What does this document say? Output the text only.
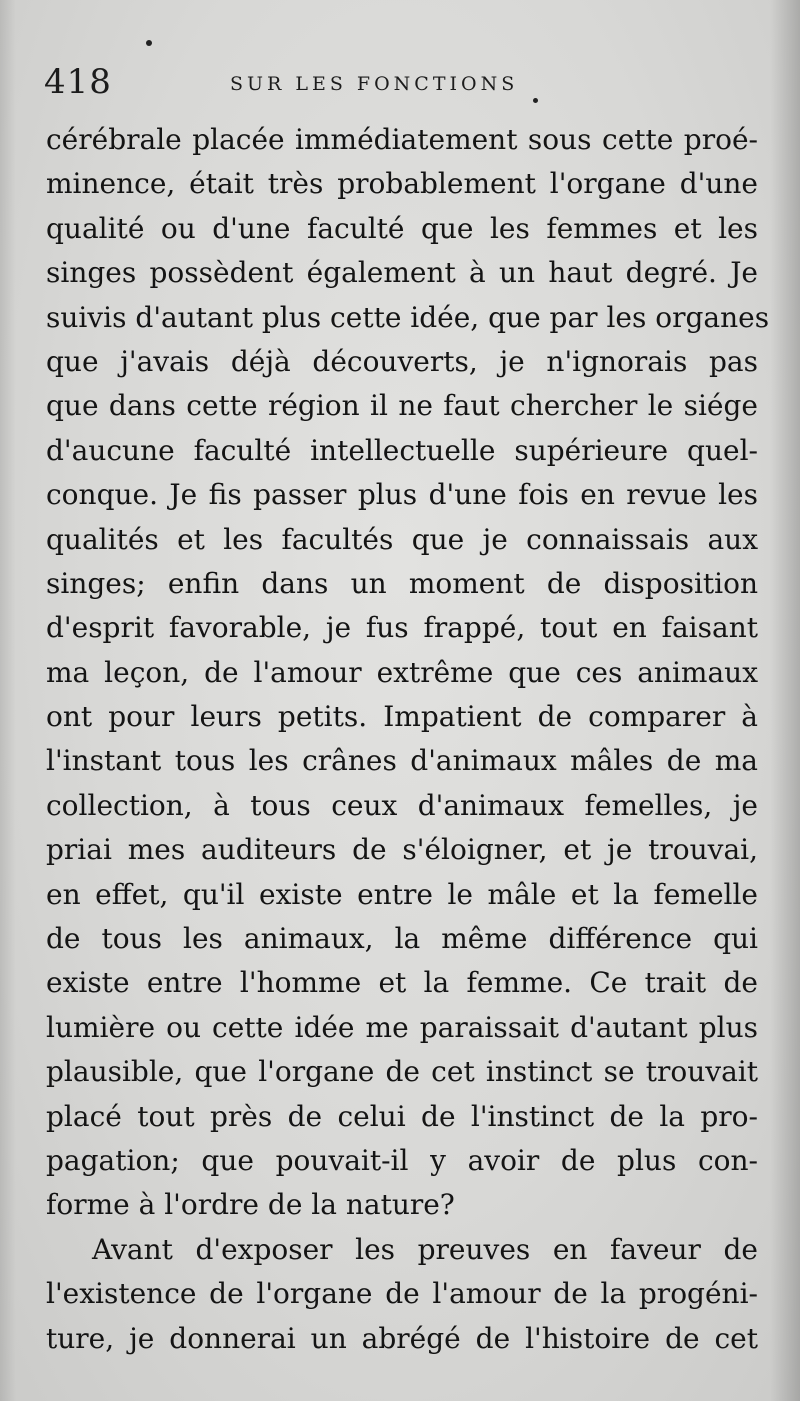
418	SUR LES FONCTIONS
cérébrale placée immédiatement sous cette proé-
minence, était très probablement l'organe d'une
qualité ou d'une faculté que les femmes et les
singes possèdent également à un haut degré. Je
suivis d'autant plus cette idée, que par les organes
que j'avais déjà découverts, je n'ignorais pas
que dans cette région il ne faut chercher le siége
d'aucune faculté intellectuelle supérieure quel-
conque. Je fis passer plus d'une fois en revue les
qualités et les facultés que je connaissais aux
singes; enfin dans un moment de disposition
d'esprit favorable, je fus frappé, tout en faisant
ma leçon, de l'amour extrême que ces animaux
ont pour leurs petits. Impatient de comparer à
l'instant tous les crânes d'animaux mâles de ma
collection, à tous ceux d'animaux femelles, je
priai mes auditeurs de s'éloigner, et je trouvai,
en effet, qu'il existe entre le mâle et la femelle
de tous les animaux, la même différence qui
existe entre l'homme et la femme. Ce trait de
lumière ou cette idée me paraissait d'autant plus
plausible, que l'organe de cet instinct se trouvait
placé tout près de celui de l'instinct de la pro-
pagation; que pouvait-il y avoir de plus con-
forme à l'ordre de la nature?
Avant d'exposer les preuves en faveur de
l'existence de l'organe de l'amour de la progéni-
ture, je donnerai un abrégé de l'histoire de cet
